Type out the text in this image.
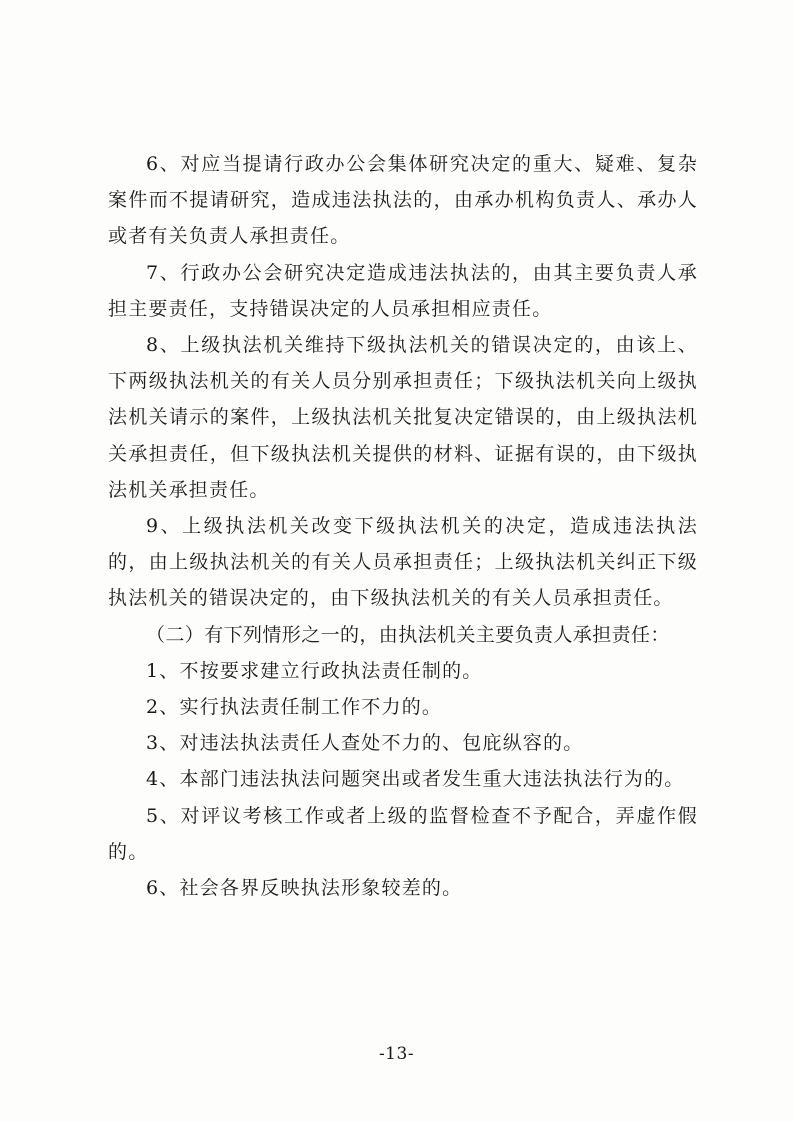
6、对应当提请行政办公会集体研究决定的重大、疑难、复杂案件而不提请研究，造成违法执法的，由承办机构负责人、承办人或者有关负责人承担责任。

7、行政办公会研究决定造成违法执法的，由其主要负责人承担主要责任，支持错误决定的人员承担相应责任。

8、上级执法机关维持下级执法机关的错误决定的，由该上、下两级执法机关的有关人员分别承担责任；下级执法机关向上级执法机关请示的案件，上级执法机关批复决定错误的，由上级执法机关承担责任，但下级执法机关提供的材料、证据有误的，由下级执法机关承担责任。

9、上级执法机关改变下级执法机关的决定，造成违法执法的，由上级执法机关的有关人员承担责任；上级执法机关纠正下级执法机关的错误决定的，由下级执法机关的有关人员承担责任。

（二）有下列情形之一的，由执法机关主要负责人承担责任：

1、不按要求建立行政执法责任制的。

2、实行执法责任制工作不力的。

3、对违法执法责任人查处不力的、包庇纵容的。

4、本部门违法执法问题突出或者发生重大违法执法行为的。

5、对评议考核工作或者上级的监督检查不予配合，弄虚作假的。

6、社会各界反映执法形象较差的。

-13-
